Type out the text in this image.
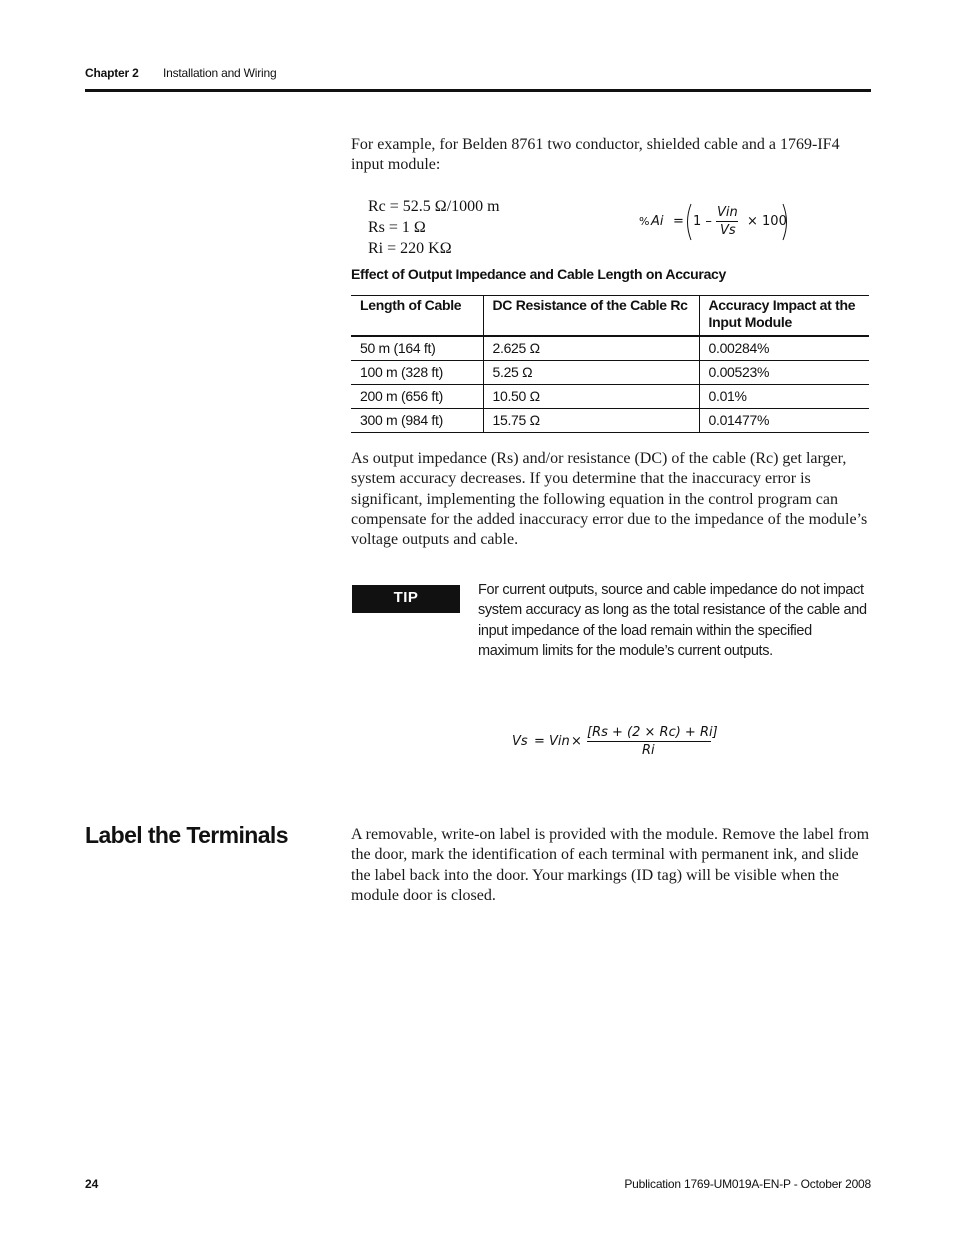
Chapter 2 Installation and Wiring
For example, for Belden 8761 two conductor, shielded cable and a 1769-IF4 input module:
Rc = 52.5 Ω/1000 m
Rs = 1 Ω
Ri = 220 KΩ
% Ai = 1 –
Vin
Vs
× 100
Effect of Output Impedance and Cable Length on Accuracy
Length of Cable	DC Resistance of the Cable Rc	Accuracy Impact at the Input Module
50 m (164 ft)	2.625 Ω	0.00284%
100 m (328 ft)	5.25 Ω	0.00523%
200 m (656 ft)	10.50 Ω	0.01%
300 m (984 ft)	15.75 Ω	0.01477%
As output impedance (Rs) and/or resistance (DC) of the cable (Rc) get larger, system accuracy decreases. If you determine that the inaccuracy error is significant, implementing the following equation in the control program can compensate for the added inaccuracy error due to the impedance of the module’s voltage outputs and cable.
TIP	For current outputs, source and cable impedance do not impact system accuracy as long as the total resistance of the cable and input impedance of the load remain within the specified maximum limits for the module’s current outputs.
Vs = Vin ×
[Rs + (2 × Rc) + Ri]
Ri
Label the Terminals	A removable, write-on label is provided with the module. Remove the label from the door, mark the identification of each terminal with permanent ink, and slide the label back into the door. Your markings (ID tag) will be visible when the module door is closed.
24	Publication 1769-UM019A-EN-P - October 2008
